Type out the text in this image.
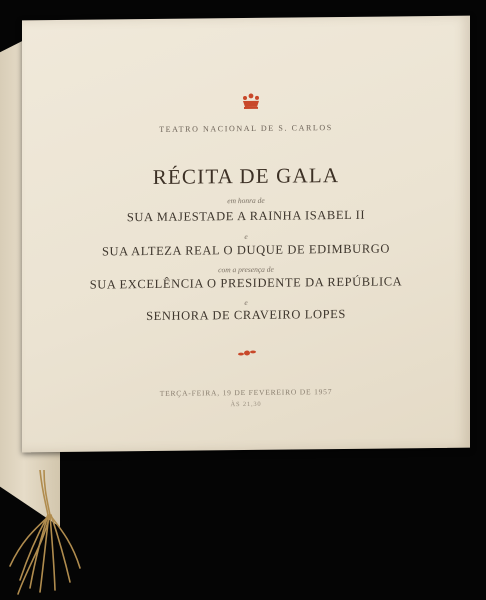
TEATRO NACIONAL DE S. CARLOS
RÉCITA DE GALA
em honra de
SUA MAJESTADE A RAINHA ISABEL II
e
SUA ALTEZA REAL O DUQUE DE EDIMBURGO
com a presença de
SUA EXCELÊNCIA O PRESIDENTE DA REPÚBLICA
e
SENHORA DE CRAVEIRO LOPES
TERÇA-FEIRA, 19 DE FEVEREIRO DE 1957
ÀS 21,30
